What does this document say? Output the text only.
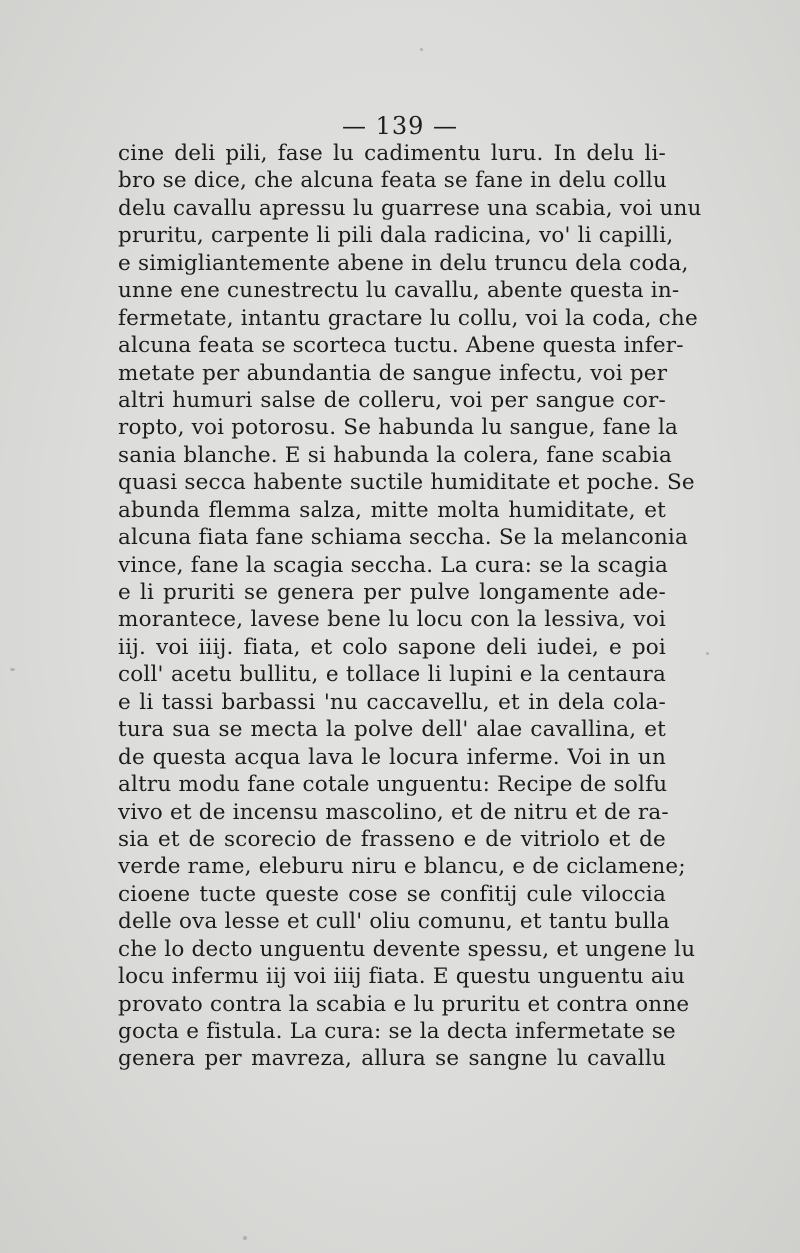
— 139 —
cine deli pili, fase lu cadimentu luru. In delu li-
bro se dice, che alcuna feata se fane in delu collu
delu cavallu apressu lu guarrese una scabia, voi unu
pruritu, carpente li pili dala radicina, vo' li capilli,
e simigliantemente abene in delu truncu dela coda,
unne ene cunestrectu lu cavallu, abente questa in-
fermetate, intantu gractare lu collu, voi la coda, che
alcuna feata se scorteca tuctu. Abene questa infer-
metate per abundantia de sangue infectu, voi per
altri humuri salse de colleru, voi per sangue cor-
ropto, voi potorosu. Se habunda lu sangue, fane la
sania blanche. E si habunda la colera, fane scabia
quasi secca habente suctile humiditate et poche. Se
abunda flemma salza, mitte molta humiditate, et
alcuna fiata fane schiama seccha. Se la melanconia
vince, fane la scagia seccha. La cura: se la scagia
e li pruriti se genera per pulve longamente ade-
morantece, lavese bene lu locu con la lessiva, voi
iij. voi iiij. fiata, et colo sapone deli iudei, e poi
coll' acetu bullitu, e tollace li lupini e la centaura
e li tassi barbassi 'nu caccavellu, et in dela cola-
tura sua se mecta la polve dell' alae cavallina, et
de questa acqua lava le locura inferme. Voi in un
altru modu fane cotale unguentu: Recipe de solfu
vivo et de incensu mascolino, et de nitru et de ra-
sia et de scorecio de frasseno e de vitriolo et de
verde rame, eleburu niru e blancu, e de ciclamene;
cioene tucte queste cose se confitij cule viloccia
delle ova lesse et cull' oliu comunu, et tantu bulla
che lo decto unguentu devente spessu, et ungene lu
locu infermu iij voi iiij fiata. E questu unguentu aiu
provato contra la scabia e lu pruritu et contra onne
gocta e fistula. La cura: se la decta infermetate se
genera per mavreza, allura se sangne lu cavallu
